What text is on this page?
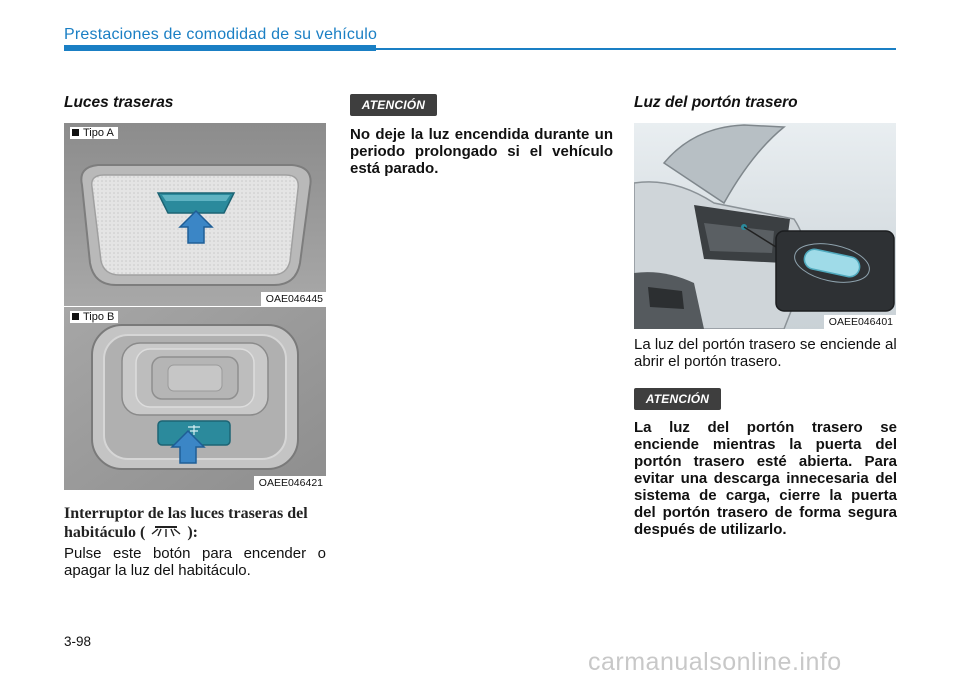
Prestaciones de comodidad de su vehículo
Luces traseras
Tipo A
OAE046445
Tipo B
OAEE046421
Interruptor de las luces traseras del
habitáculo (	):
Pulse este botón para encender o apagar la luz del habitáculo.
ATENCIÓN
No deje la luz encendida durante un periodo prolongado si el vehículo está parado.
Luz del portón trasero
OAEE046401
La luz del portón trasero se enciende al abrir el portón trasero.
ATENCIÓN
La luz del portón trasero se enciende mientras la puerta del portón trasero esté abierta. Para evitar una descarga innecesaria del sistema de carga, cierre la puerta del portón trasero de forma segura después de utilizarlo.
3-98
carmanualsonline.info
